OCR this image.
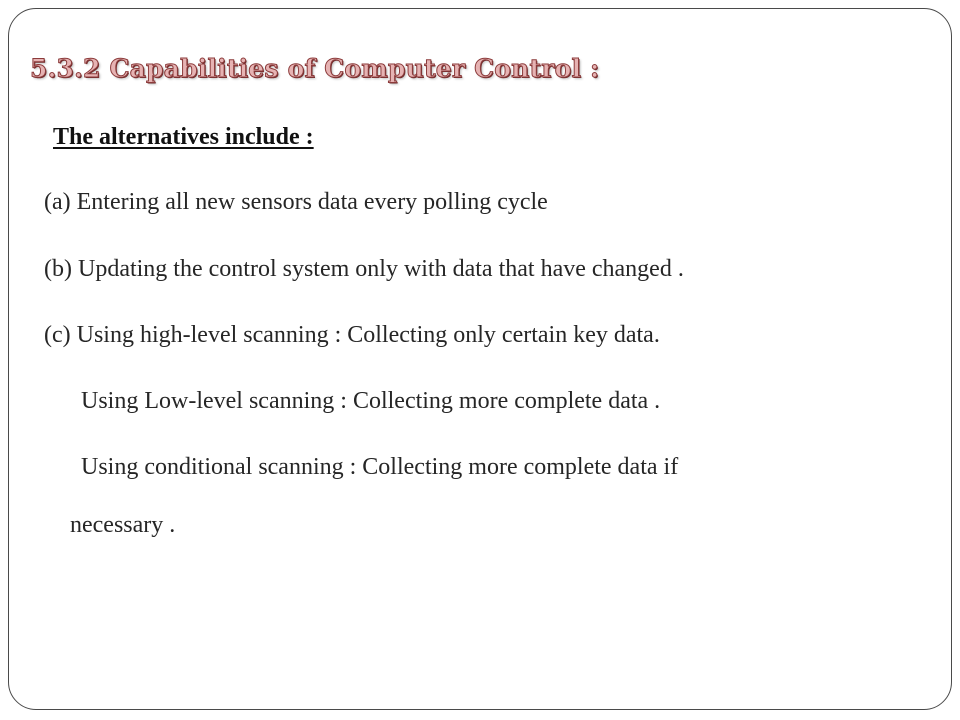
5.3.2 Capabilities of Computer Control :

The alternatives include :

(a) Entering all new sensors data every polling cycle

(b) Updating the control system only with data that have changed .

(c) Using high-level scanning : Collecting only certain key data.

Using Low-level scanning : Collecting more complete data .

Using conditional scanning : Collecting more complete data if

necessary .
